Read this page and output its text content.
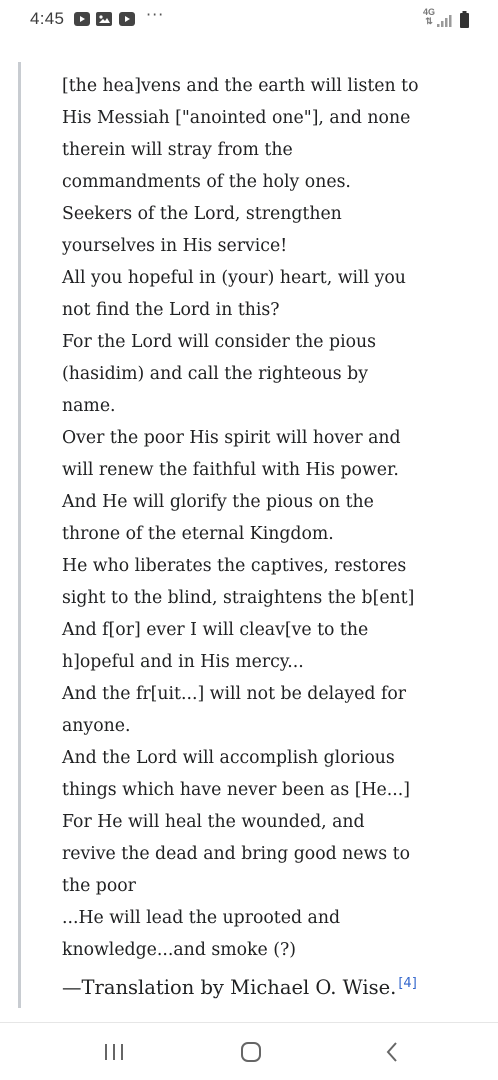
4:45	···	4G
⇅
[the hea]vens and the earth will listen to
His Messiah ["anointed one"], and none
therein will stray from the
commandments of the holy ones.
Seekers of the Lord, strengthen
yourselves in His service!
All you hopeful in (your) heart, will you
not find the Lord in this?
For the Lord will consider the pious
(hasidim) and call the righteous by
name.
Over the poor His spirit will hover and
will renew the faithful with His power.
And He will glorify the pious on the
throne of the eternal Kingdom.
He who liberates the captives, restores
sight to the blind, straightens the b[ent]
And f[or] ever I will cleav[ve to the
h]opeful and in His mercy...
And the fr[uit...] will not be delayed for
anyone.
And the Lord will accomplish glorious
things which have never been as [He...]
For He will heal the wounded, and
revive the dead and bring good news to
the poor
...He will lead the uprooted and
knowledge...and smoke (?)
—Translation by Michael O. Wise. [4]
